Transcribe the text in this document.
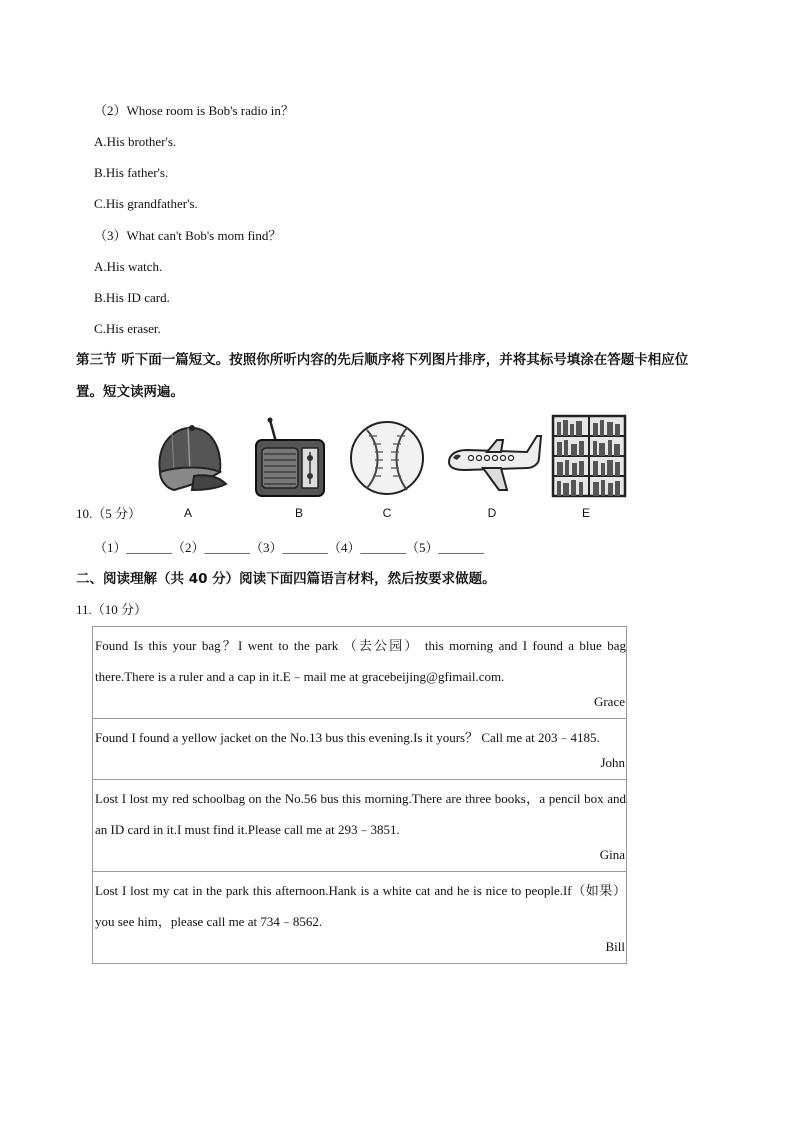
（2）Whose room is Bob's radio in？
A.His brother's.
B.His father's.
C.His grandfather's.
（3）What can't Bob's mom find？
A.His watch.
B.His ID card.
C.His eraser.
第三节 听下面一篇短文。按照你所听内容的先后顺序将下列图片排序，并将其标号填涂在答题卡相应位
置。短文读两遍。
A	B	C	D	E
10.（5 分）
（1）_______（2）_______（3）_______（4）_______（5）_______
二、阅读理解（共 40 分）阅读下面四篇语言材料，然后按要求做题。
11.（10 分）
Found Is this your bag？I went to the park （去公园） this morning and I found a blue bag there.There is a ruler and a cap in it.E﹣mail me at gracebeijing@gfimail.com.
Grace

Found I found a yellow jacket on the No.13 bus this evening.Is it yours？ Call me at 203﹣4185.
John

Lost I lost my red schoolbag on the No.56 bus this morning.There are three books，a pencil box and an ID card in it.I must find it.Please call me at 293﹣3851.
Gina

Lost I lost my cat in the park this afternoon.Hank is a white cat and he is nice to people.If（如果） you see him，please call me at 734﹣8562.
Bill
